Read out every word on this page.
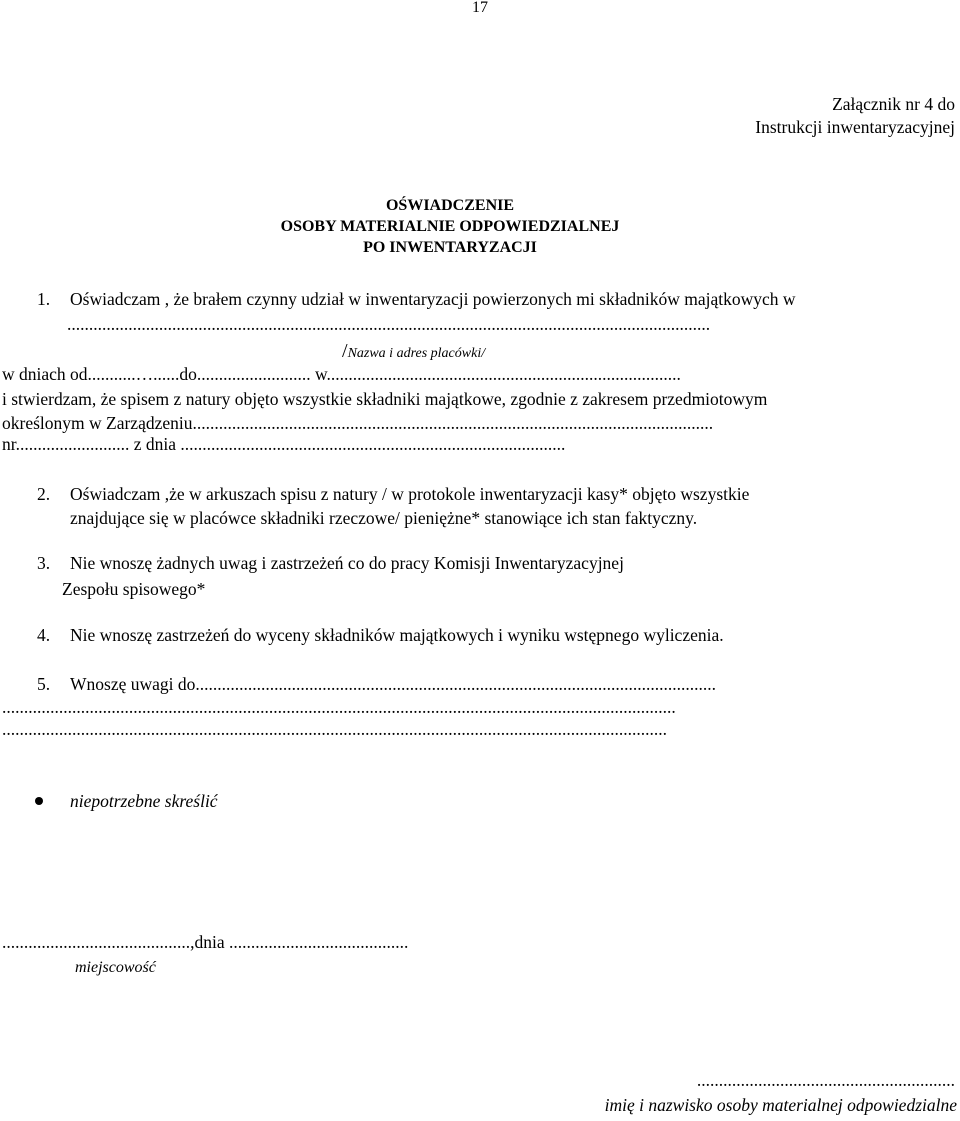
17
Załącznik nr 4 do
Instrukcji inwentaryzacyjnej
OŚWIADCZENIE
OSOBY MATERIALNIE ODPOWIEDZIALNEJ
PO INWENTARYZACJI
1. Oświadczam , że brałem czynny udział w inwentaryzacji powierzonych mi składników majątkowych w
...................................................................................................................................................
/Nazwa i adres placówki/
w dniach od...........…......do.......................... w.................................................................................
i stwierdzam, że spisem z natury objęto wszystkie składniki majątkowe, zgodnie z zakresem przedmiotowym
określonym w Zarządzeniu.......................................................................................................................
nr.......................... z dnia ........................................................................................
2. Oświadczam ,że w arkuszach spisu z natury / w protokole inwentaryzacji kasy* objęto wszystkie
znajdujące się w placówce składniki rzeczowe/ pieniężne* stanowiące ich stan faktyczny.
3. Nie wnoszę żadnych uwag i zastrzeżeń co do pracy Komisji Inwentaryzacyjnej
Zespołu spisowego*
4. Nie wnoszę zastrzeżeń do wyceny składników majątkowych i wyniku wstępnego wyliczenia.
5. Wnoszę uwagi do.......................................................................................................................
..........................................................................................................................................................
........................................................................................................................................................
niepotrzebne skreślić
...........................................,dnia .........................................
miejscowość
...........................................................
imię i nazwisko osoby materialnej odpowiedzialne
